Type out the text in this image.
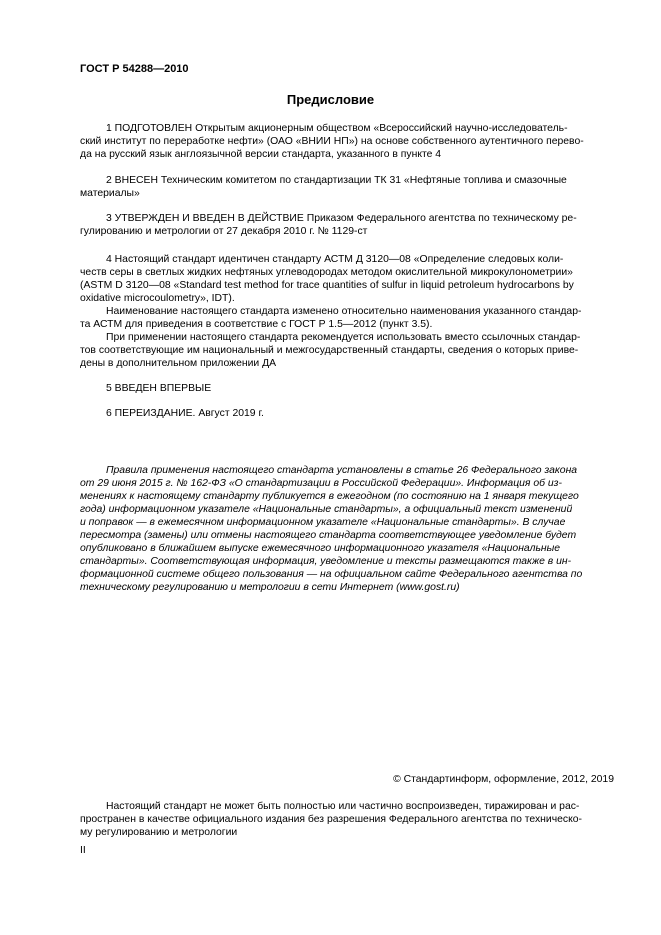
ГОСТ Р 54288—2010
Предисловие

1 ПОДГОТОВЛЕН Открытым акционерным обществом «Всероссийский научно-исследователь-
ский институт по переработке нефти» (ОАО «ВНИИ НП») на основе собственного аутентичного перево-
да на русский язык англоязычной версии стандарта, указанного в пункте 4

2 ВНЕСЕН Техническим комитетом по стандартизации ТК 31 «Нефтяные топлива и смазочные
материалы»

3 УТВЕРЖДЕН И ВВЕДЕН В ДЕЙСТВИЕ Приказом Федерального агентства по техническому ре-
гулированию и метрологии от 27 декабря 2010 г. № 1129-ст

4 Настоящий стандарт идентичен стандарту АСТМ Д 3120—08 «Определение следовых коли-
честв серы в светлых жидких нефтяных углеводородах методом окислительной микрокулонометрии»
(ASTM D 3120—08 «Standard test method for trace quantities of sulfur in liquid petroleum hydrocarbons by
oxidative microcoulometry», IDT).

Наименование настоящего стандарта изменено относительно наименования указанного стандар-
та АСТМ для приведения в соответствие с ГОСТ Р 1.5—2012 (пункт 3.5).

При применении настоящего стандарта рекомендуется использовать вместо ссылочных стандар-
тов соответствующие им национальный и межгосударственный стандарты, сведения о которых приве-
дены в дополнительном приложении ДА

5 ВВЕДЕН ВПЕРВЫЕ

6 ПЕРЕИЗДАНИЕ. Август 2019 г.

Правила применения настоящего стандарта установлены в статье 26 Федерального закона
от 29 июня 2015 г. № 162-ФЗ «О стандартизации в Российской Федерации». Информация об из-
менениях к настоящему стандарту публикуется в ежегодном (по состоянию на 1 января текущего
года) информационном указателе «Национальные стандарты», а официальный текст изменений
и поправок — в ежемесячном информационном указателе «Национальные стандарты». В случае
пересмотра (замены) или отмены настоящего стандарта соответствующее уведомление будет
опубликовано в ближайшем выпуске ежемесячного информационного указателя «Национальные
стандарты». Соответствующая информация, уведомление и тексты размещаются также в ин-
формационной системе общего пользования — на официальном сайте Федерального агентства по
техническому регулированию и метрологии в сети Интернет (www.gost.ru)

© Стандартинформ, оформление, 2012, 2019

Настоящий стандарт не может быть полностью или частично воспроизведен, тиражирован и рас-
пространен в качестве официального издания без разрешения Федерального агентства по техническо-
му регулированию и метрологии

II
